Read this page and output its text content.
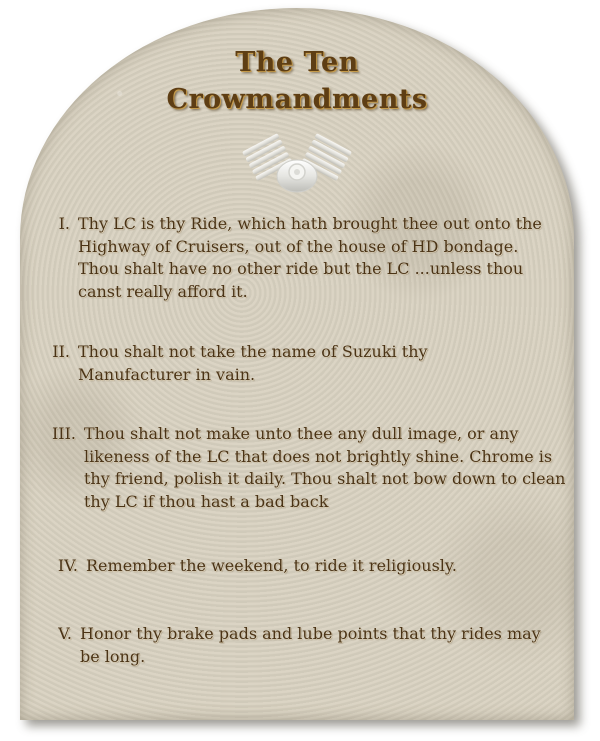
The Ten
Crowmandments
I. Thy LC is thy Ride, which hath brought thee out onto the Highway of Cruisers, out of the house of HD bondage. Thou shalt have no other ride but the LC ...unless thou canst really afford it.
II. Thou shalt not take the name of Suzuki thy Manufacturer in vain.
III. Thou shalt not make unto thee any dull image, or any likeness of the LC that does not brightly shine. Chrome is thy friend, polish it daily. Thou shalt not bow down to clean thy LC if thou hast a bad back
IV. Remember the weekend, to ride it religiously.
V. Honor thy brake pads and lube points that thy rides may be long.
